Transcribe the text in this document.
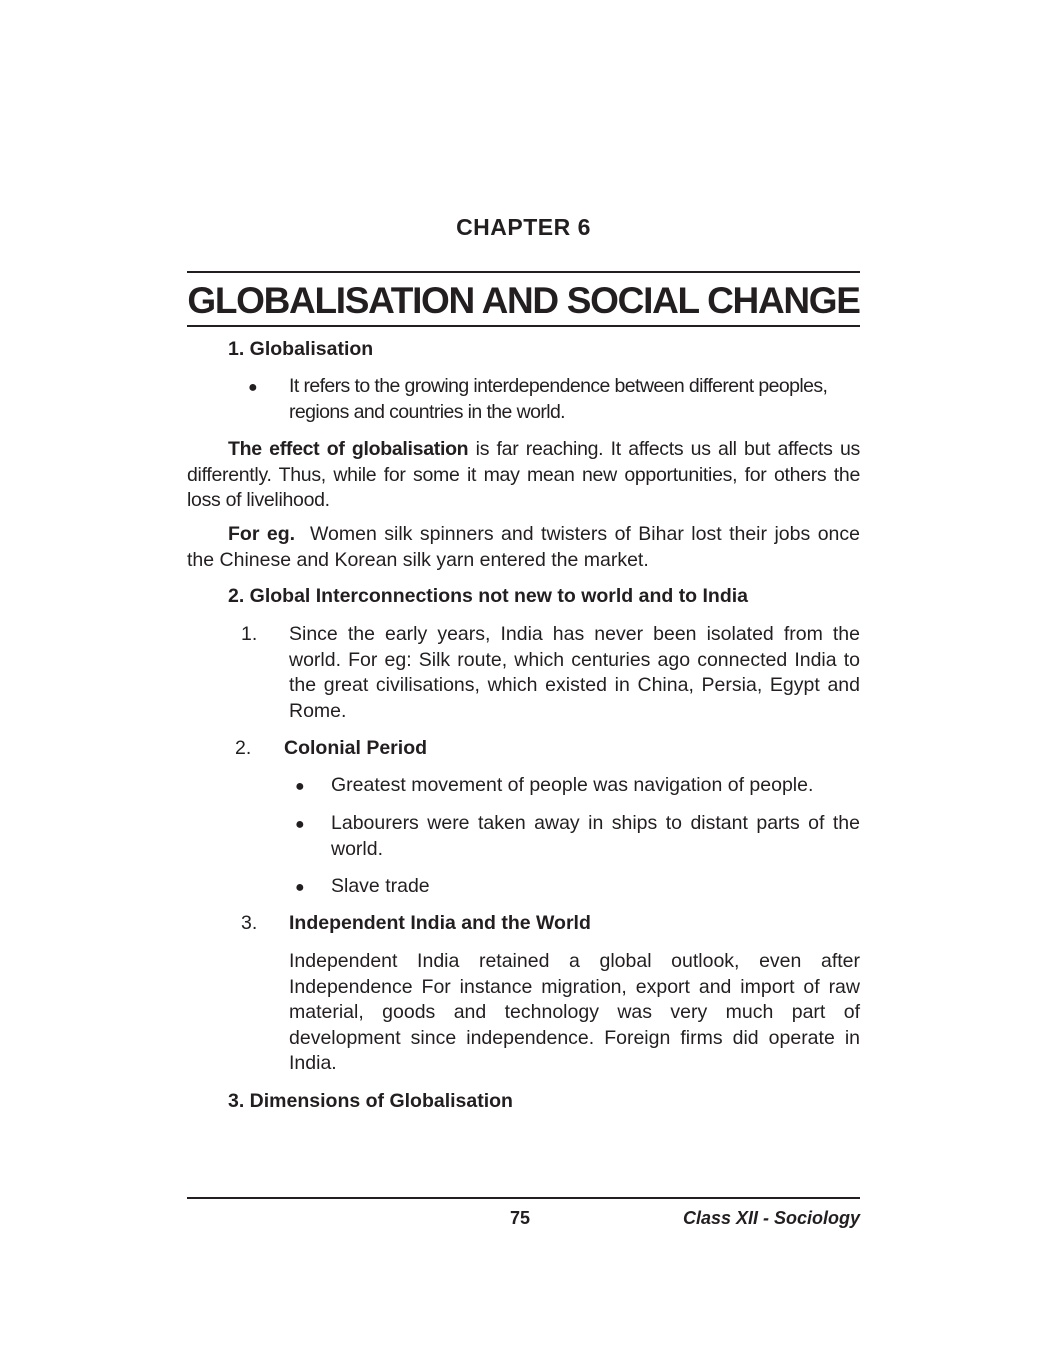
CHAPTER 6
GLOBALISATION AND SOCIAL CHANGE
1. Globalisation
● It refers to the growing interdependence between different peoples, regions and countries in the world.
The effect of globalisation is far reaching. It affects us all but affects us differently. Thus, while for some it may mean new opportunities, for others the loss of livelihood.
For eg.  Women silk spinners and twisters of Bihar lost their jobs once the Chinese and Korean silk yarn entered the market.
2. Global Interconnections not new to world and to India
1. Since the early years, India has never been isolated from the world. For eg: Silk route, which centuries ago connected India to the great civilisations, which existed in China, Persia, Egypt and Rome.
2. Colonial Period
● Greatest movement of people was navigation of people.
● Labourers were taken away in ships to distant parts of the world.
● Slave trade
3. Independent India and the World
Independent India retained a global outlook, even after Independence For instance migration, export and import of raw material, goods and technology was very much part of development since independence. Foreign firms did operate in India.
3. Dimensions of Globalisation
75	Class XII - Sociology
